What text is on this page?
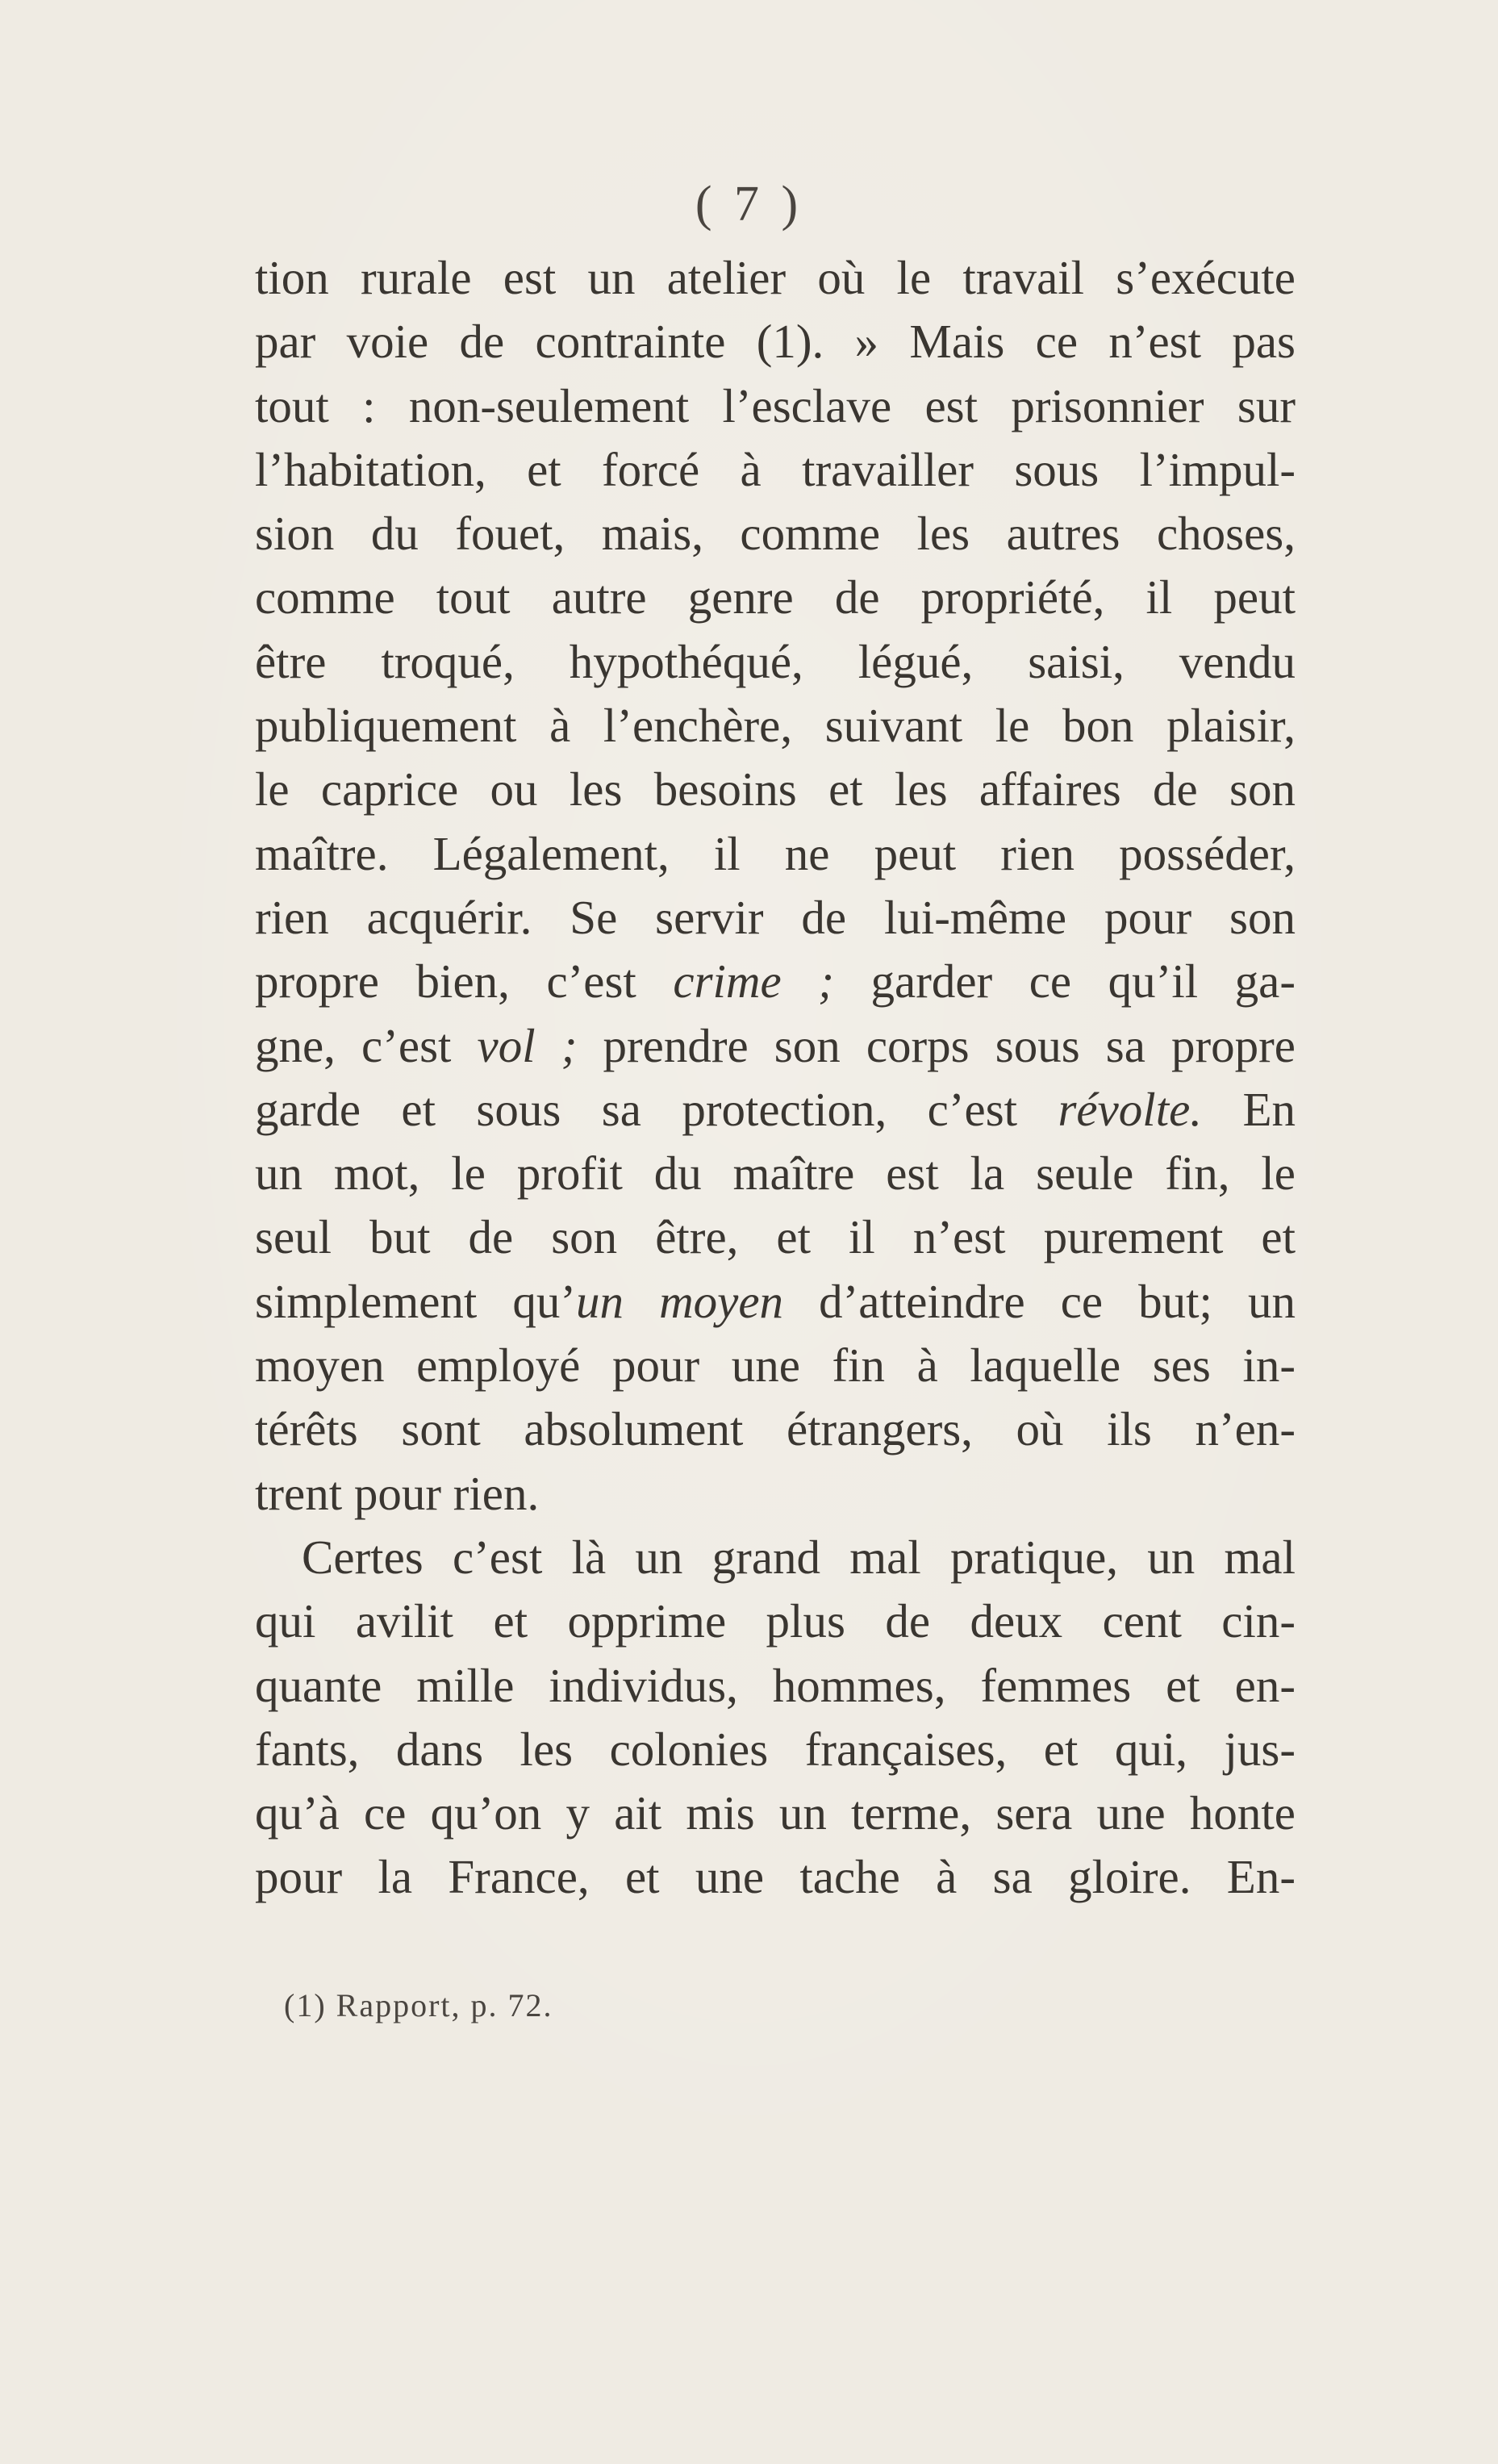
( 7 )
tion rurale est un atelier où le travail s’exécute
par voie de contrainte (1). » Mais ce n’est pas
tout : non-seulement l’esclave est prisonnier sur
l’habitation, et forcé à travailler sous l’impul-
sion du fouet, mais, comme les autres choses,
comme tout autre genre de propriété, il peut
être troqué, hypothéqué, légué, saisi, vendu
publiquement à l’enchère, suivant le bon plaisir,
le caprice ou les besoins et les affaires de son
maître. Légalement, il ne peut rien posséder,
rien acquérir. Se servir de lui-même pour son
propre bien, c’est crime ; garder ce qu’il ga-
gne, c’est vol ; prendre son corps sous sa propre
garde et sous sa protection, c’est révolte. En
un mot, le profit du maître est la seule fin, le
seul but de son être, et il n’est purement et
simplement qu’un moyen d’atteindre ce but; un
moyen employé pour une fin à laquelle ses in-
térêts sont absolument étrangers, où ils n’en-
trent pour rien.
Certes c’est là un grand mal pratique, un mal
qui avilit et opprime plus de deux cent cin-
quante mille individus, hommes, femmes et en-
fants, dans les colonies françaises, et qui, jus-
qu’à ce qu’on y ait mis un terme, sera une honte
pour la France, et une tache à sa gloire. En-
(1) Rapport, p. 72.
